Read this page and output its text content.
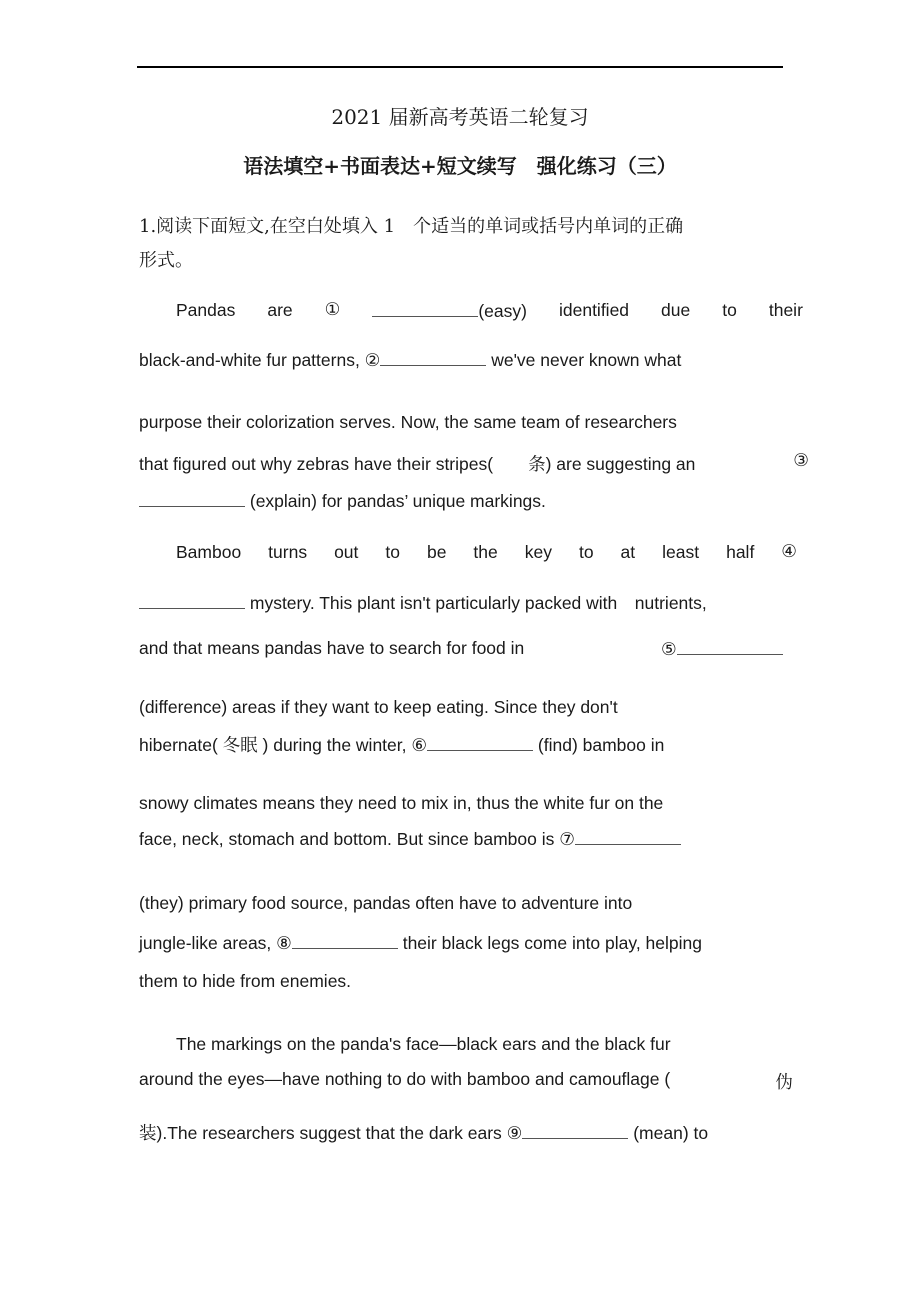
2021 届新高考英语二轮复习
语法填空+书面表达+短文续写　强化练习（三）
1.阅读下面短文,在空白处填入 1　个适当的单词或括号内单词的正确
形式。
Pandas are ①	(easy) identified due to their
black-and-white fur patterns, ②	we've never known what
purpose their colorization serves. Now, the same team of researchers
that figured out why zebras have their stripes(　　条) are suggesting an	③
(explain) for pandas’ unique markings.
Bamboo turns out to be the key to at least half ④
mystery. This plant isn't particularly packed with　nutrients,
and that means pandas have to search for food in	⑤
(difference) areas if they want to keep eating. Since they don't
hibernate( 冬眠 ) during the winter, ⑥	(find) bamboo in
snowy climates means they need to mix in, thus the white fur on the
face, neck, stomach and bottom. But since bamboo is ⑦
(they) primary food source, pandas often have to adventure into
jungle-like areas, ⑧	their black legs come into play, helping
them to hide from enemies.
The markings on the panda's face—black ears and the black fur
around the eyes—have nothing to do with bamboo and camouflage (	伪
装).The researchers suggest that the dark ears ⑨	(mean) to
